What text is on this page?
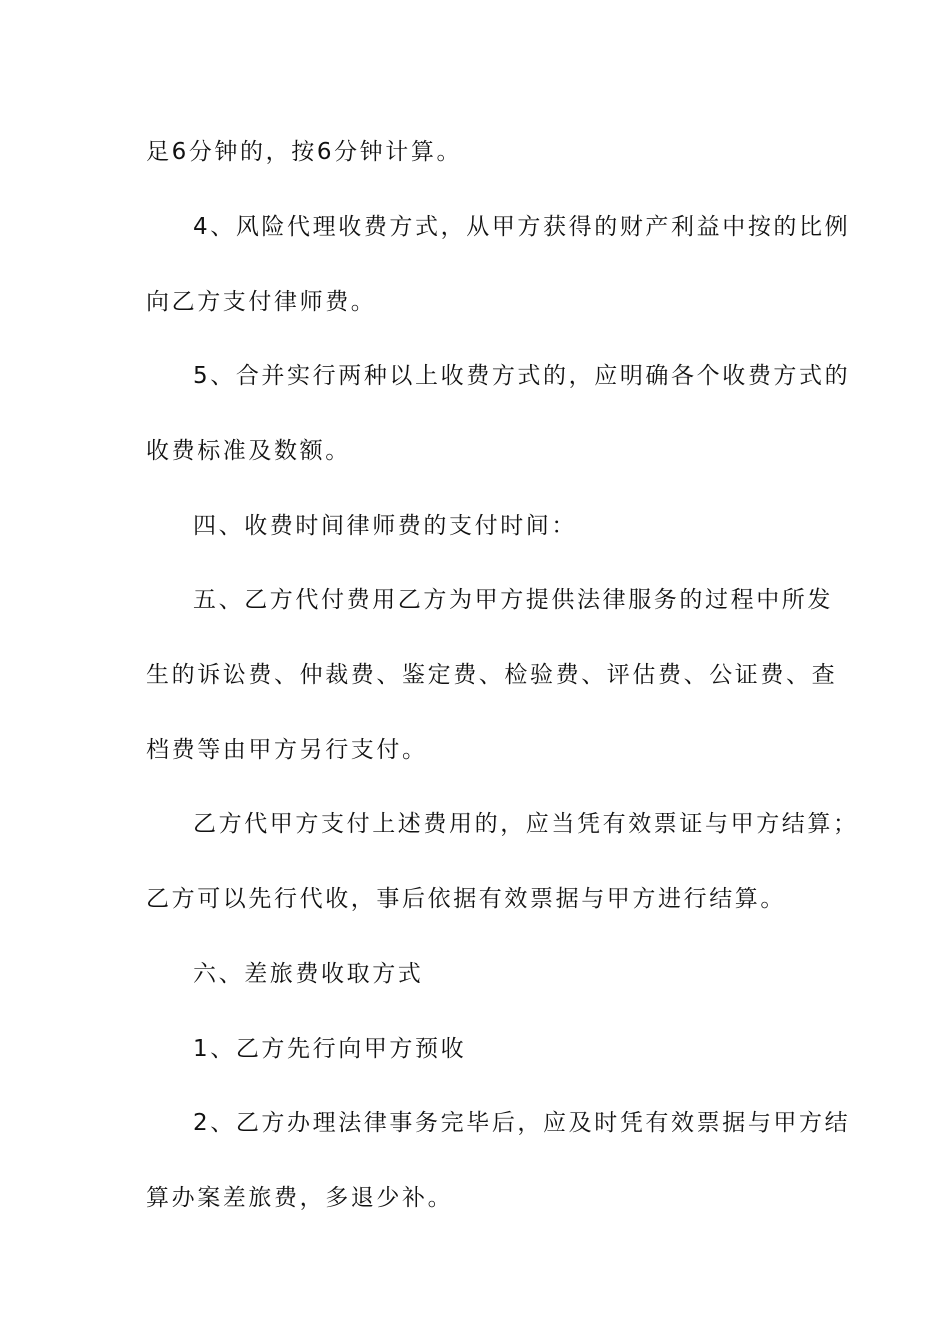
足6分钟的，按6分钟计算。
4、风险代理收费方式，从甲方获得的财产利益中按的比例
向乙方支付律师费。
5、合并实行两种以上收费方式的，应明确各个收费方式的
收费标准及数额。
四、收费时间律师费的支付时间：
五、乙方代付费用乙方为甲方提供法律服务的过程中所发
生的诉讼费、仲裁费、鉴定费、检验费、评估费、公证费、查
档费等由甲方另行支付。
乙方代甲方支付上述费用的，应当凭有效票证与甲方结算；
乙方可以先行代收，事后依据有效票据与甲方进行结算。
六、差旅费收取方式
1、乙方先行向甲方预收
2、乙方办理法律事务完毕后，应及时凭有效票据与甲方结
算办案差旅费，多退少补。
